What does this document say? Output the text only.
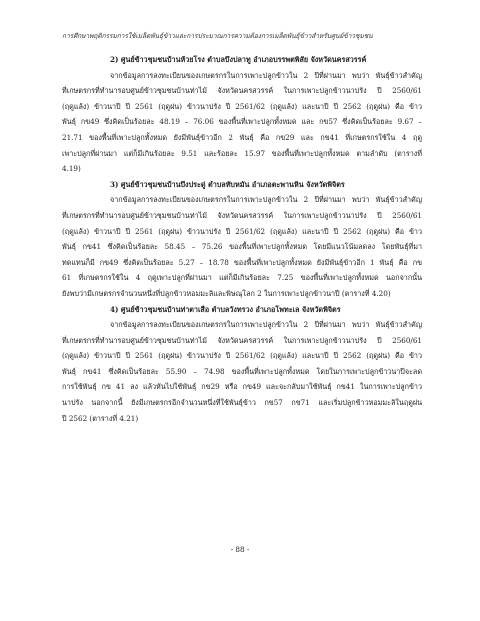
การศึกษาพฤติกรรมการใช้เมล็ดพันธุ์ข้าวและการประมาณการความต้องการเมล็ดพันธุ์ข้าวสำหรับศูนย์ข้าวชุมชน
2) ศูนย์ข้าวชุมชนบ้านห้วยโรง ตำบลบึงปลาทู อำเภอบรรพตพิสัย จังหวัดนครสวรรค์
จากข้อมูลการลงทะเบียนของเกษตรกรในการเพาะปลูกข้าวใน 2 ปีที่ผ่านมา พบว่า พันธุ์ข้าวสำคัญ
ที่เกษตรกรที่ทำนารอบศูนย์ข้าวชุมชนบ้านท่าไม้ จังหวัดนครสวรรค์ ในการเพาะปลูกข้าวนาปรัง ปี 2560/61
(ฤดูแล้ง) ข้าวนาปี ปี 2561 (ฤดูฝน) ข้าวนาปรัง ปี 2561/62 (ฤดูแล้ง) และนาปี ปี 2562 (ฤดูฝน) คือ ข้าว
พันธุ์ กข49 ซึ่งคิดเป็นร้อยละ 48.19 – 76.06 ของพื้นที่เพาะปลูกทั้งหมด และ กข57 ซึ่งคิดเป็นร้อยละ 9.67 –
21.71 ของพื้นที่เพาะปลูกทั้งหมด ยังมีพันธุ์ข้าวอีก 2 พันธุ์ คือ กข29 และ กข41 ที่เกษตรกรใช้ใน 4 ฤดู
เพาะปลูกที่ผ่านมา แต่ก็มีเกินร้อยละ 9.51 และร้อยละ 15.97 ของพื้นที่เพาะปลูกทั้งหมด ตามลำดับ (ตารางที่
4.19)
3) ศูนย์ข้าวชุมชนบ้านบึงประดู่ ตำบลทับหมัน อำเภอตะพานหิน จังหวัดพิจิตร
จากข้อมูลการลงทะเบียนของเกษตรกรในการเพาะปลูกข้าวใน 2 ปีที่ผ่านมา พบว่า พันธุ์ข้าวสำคัญ
ที่เกษตรกรที่ทำนารอบศูนย์ข้าวชุมชนบ้านท่าไม้ จังหวัดนครสวรรค์ ในการเพาะปลูกข้าวนาปรัง ปี 2560/61
(ฤดูแล้ง) ข้าวนาปี ปี 2561 (ฤดูฝน) ข้าวนาปรัง ปี 2561/62 (ฤดูแล้ง) และนาปี ปี 2562 (ฤดูฝน) คือ ข้าว
พันธุ์ กข41 ซึ่งคิดเป็นร้อยละ 58.45 – 75.26 ของพื้นที่เพาะปลูกทั้งหมด โดยมีแนวโน้มลดลง โดยพันธุ์ที่มา
ทดแทนก็มี กข49 ซึ่งคิดเป็นร้อยละ 5.27 – 18.78 ของพื้นที่เพาะปลูกทั้งหมด ยังมีพันธุ์ข้าวอีก 1 พันธุ์ คือ กข
61 ที่เกษตรกรใช้ใน 4 ฤดูเพาะปลูกที่ผ่านมา แต่ก็มีเกินร้อยละ 7.25 ของพื้นที่เพาะปลูกทั้งหมด นอกจากนั้น
ยังพบว่ามีเกษตรกรจำนวนหนึ่งที่ปลูกข้าวหอมมะลิและพิษณุโลก 2 ในการเพาะปลูกข้าวนาปี (ตารางที่ 4.20)
4) ศูนย์ข้าวชุมชนบ้านท่าตาเสือ ตำบลวังทรวง อำเภอโพทะเล จังหวัดพิจิตร
จากข้อมูลการลงทะเบียนของเกษตรกรในการเพาะปลูกข้าวใน 2 ปีที่ผ่านมา พบว่า พันธุ์ข้าวสำคัญ
ที่เกษตรกรที่ทำนารอบศูนย์ข้าวชุมชนบ้านท่าไม้ จังหวัดนครสวรรค์ ในการเพาะปลูกข้าวนาปรัง ปี 2560/61
(ฤดูแล้ง) ข้าวนาปี ปี 2561 (ฤดูฝน) ข้าวนาปรัง ปี 2561/62 (ฤดูแล้ง) และนาปี ปี 2562 (ฤดูฝน) คือ ข้าว
พันธุ์ กข41 ซึ่งคิดเป็นร้อยละ 55.90 – 74.98 ของพื้นที่เพาะปลูกทั้งหมด โดยในการเพาะปลูกข้าวนาปีจะลด
การใช้พันธุ์ กข 41 ลง แล้วหันไปใช้พันธุ์ กข29 หรือ กข49 และจะกลับมาใช้พันธุ์ กข41 ในการเพาะปลูกข้าว
นาปรัง นอกจากนี้ ยังมีเกษตรกรอีกจำนวนหนึ่งที่ใช้พันธุ์ข้าว กข57 กข71 และเริ่มปลูกข้าวหอมมะลิในฤดูฝน
ปี 2562 (ตารางที่ 4.21)
- 88 -
